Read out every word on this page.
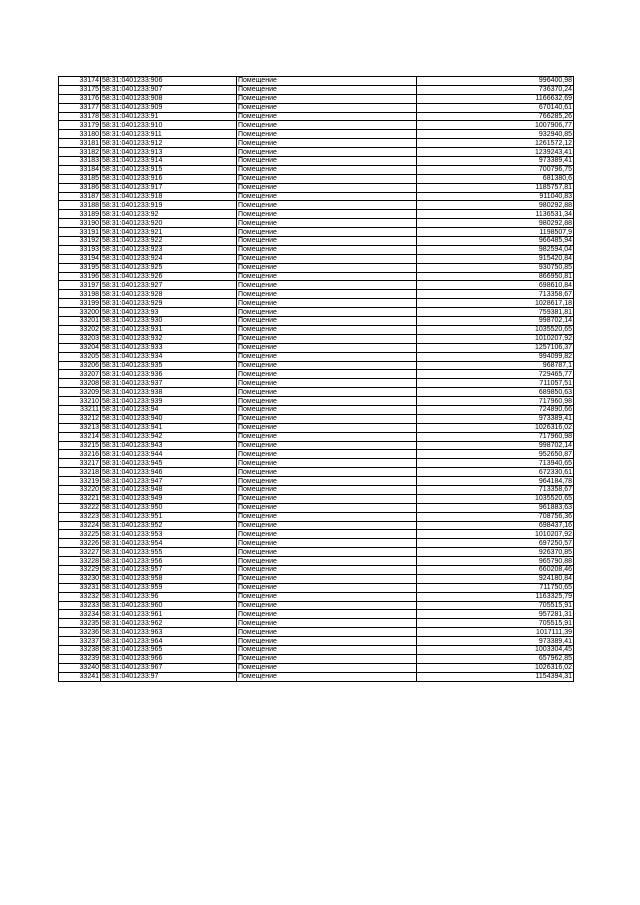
33174	58:31:0401233:906	Помещение	996400,98
33175	58:31:0401233:907	Помещение	736370,24
33176	58:31:0401233:908	Помещение	1166632,69
33177	58:31:0401233:909	Помещение	670140,61
33178	58:31:0401233:91	Помещение	766285,26
33179	58:31:0401233:910	Помещение	1007906,77
33180	58:31:0401233:911	Помещение	932940,85
33181	58:31:0401233:912	Помещение	1261572,12
33182	58:31:0401233:913	Помещение	1239243,41
33183	58:31:0401233:914	Помещение	973389,41
33184	58:31:0401233:915	Помещение	700796,75
33185	58:31:0401233:916	Помещение	681380,6
33186	58:31:0401233:917	Помещение	1185757,81
33187	58:31:0401233:918	Помещение	911040,83
33188	58:31:0401233:919	Помещение	980292,88
33189	58:31:0401233:92	Помещение	1136531,34
33190	58:31:0401233:920	Помещение	980292,88
33191	58:31:0401233:921	Помещение	1198507,9
33192	58:31:0401233:922	Помещение	966485,94
33193	58:31:0401233:923	Помещение	982594,04
33194	58:31:0401233:924	Помещение	915420,84
33195	58:31:0401233:925	Помещение	930750,85
33196	58:31:0401233:926	Помещение	866950,81
33197	58:31:0401233:927	Помещение	698610,84
33198	58:31:0401233:928	Помещение	713358,67
33199	58:31:0401233:929	Помещение	1028617,18
33200	58:31:0401233:93	Помещение	759381,81
33201	58:31:0401233:930	Помещение	998702,14
33202	58:31:0401233:931	Помещение	1035520,65
33203	58:31:0401233:932	Помещение	1010207,92
33204	58:31:0401233:933	Помещение	1257106,37
33205	58:31:0401233:934	Помещение	994099,82
33206	58:31:0401233:935	Помещение	968787,1
33207	58:31:0401233:936	Помещение	729465,77
33208	58:31:0401233:937	Помещение	711057,51
33209	58:31:0401233:938	Помещение	689850,63
33210	58:31:0401233:939	Помещение	717960,98
33211	58:31:0401233:94	Помещение	724890,66
33212	58:31:0401233:940	Помещение	973389,41
33213	58:31:0401233:941	Помещение	1026316,02
33214	58:31:0401233:942	Помещение	717960,98
33215	58:31:0401233:943	Помещение	998702,14
33216	58:31:0401233:944	Помещение	952650,87
33217	58:31:0401233:945	Помещение	713940,65
33218	58:31:0401233:946	Помещение	672330,61
33219	58:31:0401233:947	Помещение	964184,78
33220	58:31:0401233:948	Помещение	713358,67
33221	58:31:0401233:949	Помещение	1035520,65
33222	58:31:0401233:950	Помещение	961883,63
33223	58:31:0401233:951	Помещение	708756,36
33224	58:31:0401233:952	Помещение	698437,16
33225	58:31:0401233:953	Помещение	1010207,92
33226	58:31:0401233:954	Помещение	697250,57
33227	58:31:0401233:955	Помещение	926370,85
33228	58:31:0401233:956	Помещение	965790,88
33229	58:31:0401233:957	Помещение	660208,46
33230	58:31:0401233:958	Помещение	924180,84
33231	58:31:0401233:959	Помещение	711750,65
33232	58:31:0401233:96	Помещение	1163325,79
33233	58:31:0401233:960	Помещение	705515,91
33234	58:31:0401233:961	Помещение	957281,31
33235	58:31:0401233:962	Помещение	705515,91
33236	58:31:0401233:963	Помещение	1017111,39
33237	58:31:0401233:964	Помещение	973389,41
33238	58:31:0401233:965	Помещение	1003304,45
33239	58:31:0401233:966	Помещение	657962,85
33240	58:31:0401233:967	Помещение	1026316,02
33241	58:31:0401233:97	Помещение	1154394,31
